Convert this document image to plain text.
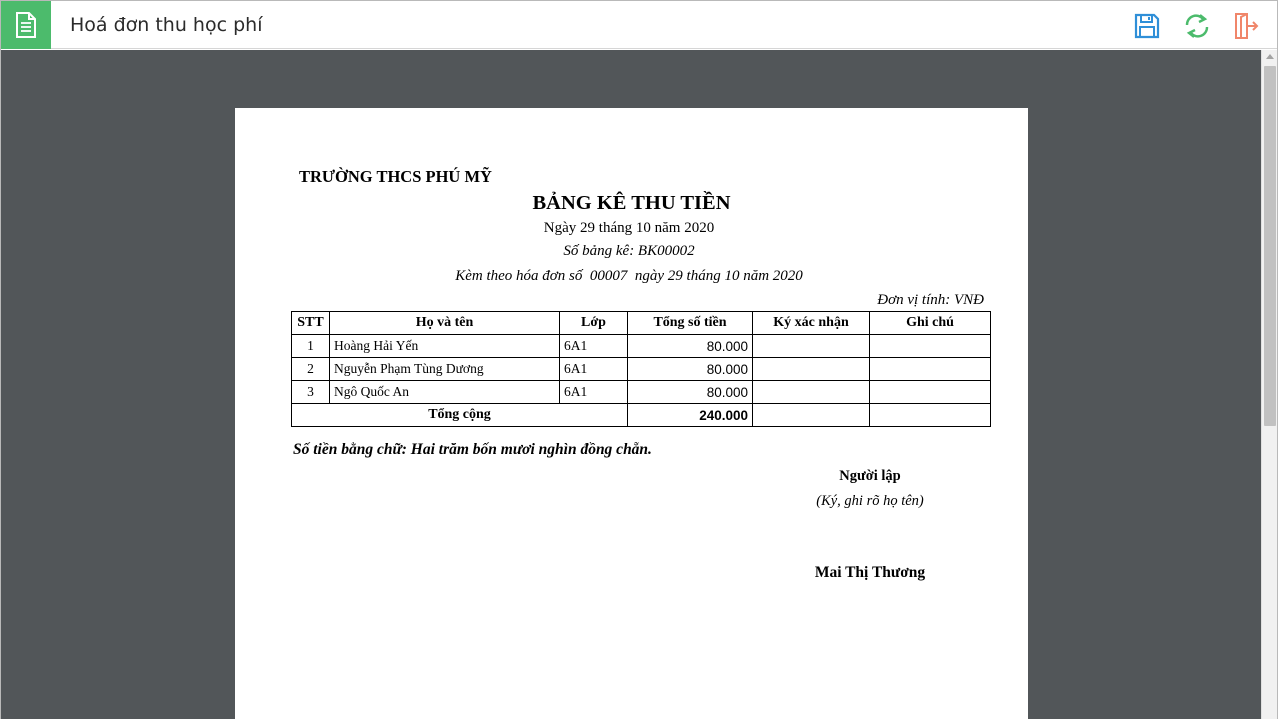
Hoá đơn thu học phí
TRƯỜNG THCS PHÚ MỸ
BẢNG KÊ THU TIỀN
Ngày 29 tháng 10 năm 2020
Số bảng kê: BK00002
Kèm theo hóa đơn số  00007  ngày 29 tháng 10 năm 2020
Đơn vị tính: VNĐ
STT	Họ và tên	Lớp	Tổng số tiền	Ký xác nhận	Ghi chú
1	Hoàng Hải Yến	6A1	80.000		
2	Nguyễn Phạm Tùng Dương	6A1	80.000		
3	Ngô Quốc An	6A1	80.000		
Tổng cộng			240.000		
Số tiền bằng chữ: Hai trăm bốn mươi nghìn đồng chẵn.
Người lập
(Ký, ghi rõ họ tên)
Mai Thị Thương
